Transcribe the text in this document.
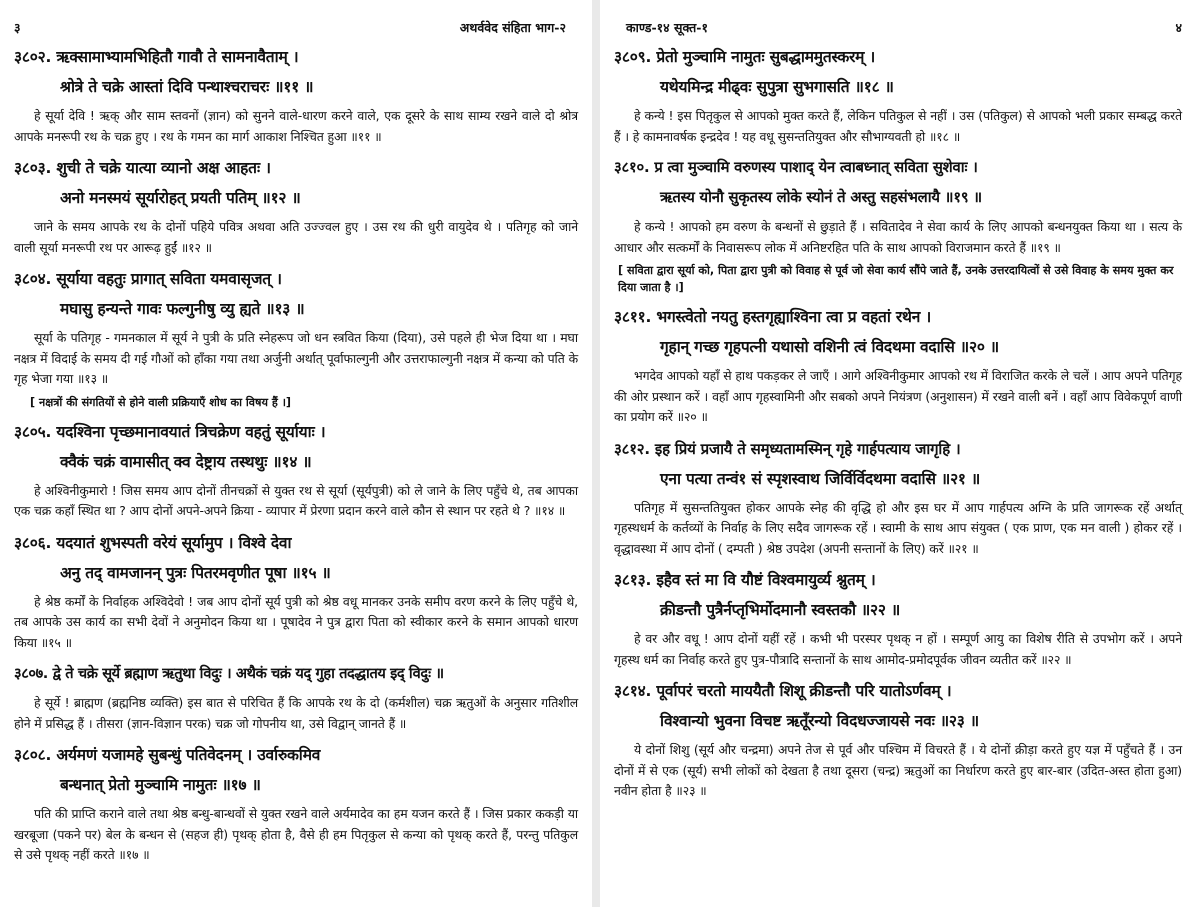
३	अथर्ववेद संहिता भाग-२

३८०२. ऋक्सामाभ्यामभिहितौ गावौ ते सामनावैताम् ।

श्रोत्रे ते चक्रे आस्तां दिवि पन्थाश्चराचरः ॥११ ॥

हे सूर्या देवि ! ऋक् और साम स्तवनों (ज्ञान) को सुनने वाले-धारण करने वाले, एक दूसरे के साथ साम्य रखने वाले दो श्रोत्र आपके मनरूपी रथ के चक्र हुए । रथ के गमन का मार्ग आकाश निश्चित हुआ ॥११ ॥

३८०३. शुची ते चक्रे यात्या व्यानो अक्ष आहतः ।

अनो मनस्मयं सूर्यारोहत् प्रयती पतिम् ॥१२ ॥

जाने के समय आपके रथ के दोनों पहिये पवित्र अथवा अति उज्ज्वल हुए । उस रथ की धुरी वायुदेव थे । पतिगृह को जाने वाली सूर्या मनरूपी रथ पर आरूढ़ हुईं ॥१२ ॥

३८०४. सूर्याया वहतुः प्रागात् सविता यमवासृजत् ।

मघासु हन्यन्ते गावः फल्गुनीषु व्यु ह्यते ॥१३ ॥

सूर्या के पतिगृह - गमनकाल में सूर्य ने पुत्री के प्रति स्नेहरूप जो धन स्त्रवित किया (दिया), उसे पहले ही भेज दिया था । मघा नक्षत्र में विदाई के समय दी गई गौओं को हाँका गया तथा अर्जुनी अर्थात् पूर्वाफाल्गुनी और उत्तराफाल्गुनी नक्षत्र में कन्या को पति के गृह भेजा गया ॥१३ ॥

[ नक्षत्रों की संगतियों से होने वाली प्रक्रियाएँ शोध का विषय हैं ।]

३८०५. यदश्विना पृच्छमानावयातं त्रिचक्रेण वहतुं सूर्यायाः ।

क्वैकं चक्रं वामासीत् क्व देष्ट्राय तस्थथुः ॥१४ ॥

हे अश्विनीकुमारो ! जिस समय आप दोनों तीनचक्रों से युक्त रथ से सूर्या (सूर्यपुत्री) को ले जाने के लिए पहुँचे थे, तब आपका एक चक्र कहाँ स्थित था ? आप दोनों अपने-अपने क्रिया - व्यापार में प्रेरणा प्रदान करने वाले कौन से स्थान पर रहते थे ? ॥१४ ॥

३८०६. यदयातं शुभस्पती वरेयं सूर्यामुप । विश्वे देवा

अनु तद् वामजानन् पुत्रः पितरमवृणीत पूषा ॥१५ ॥

हे श्रेष्ठ कर्मों के निर्वाहक अश्विदेवो ! जब आप दोनों सूर्य पुत्री को श्रेष्ठ वधू मानकर उनके समीप वरण करने के लिए पहुँचे थे, तब आपके उस कार्य का सभी देवों ने अनुमोदन किया था । पूषादेव ने पुत्र द्वारा पिता को स्वीकार करने के समान आपको धारण किया ॥१५ ॥

३८०७. द्वे ते चक्रे सूर्ये ब्रह्माण ऋतुथा विदुः । अथैकं चक्रं यद् गुहा तदद्धातय इद् विदुः ॥

हे सूर्ये ! ब्राह्मण (ब्रह्मनिष्ठ व्यक्ति) इस बात से परिचित हैं कि आपके रथ के दो (कर्मशील) चक्र ऋतुओं के अनुसार गतिशील होने में प्रसिद्ध हैं । तीसरा (ज्ञान-विज्ञान परक) चक्र जो गोपनीय था, उसे विद्वान् जानते हैं ॥

३८०८. अर्यमणं यजामहे सुबन्धुं पतिवेदनम् । उर्वारुकमिव

बन्धनात् प्रेतो मुञ्चामि नामुतः ॥१७ ॥

पति की प्राप्ति कराने वाले तथा श्रेष्ठ बन्धु-बान्धवों से युक्त रखने वाले अर्यमादेव का हम यजन करते हैं । जिस प्रकार ककड़ी या खरबूजा (पकने पर) बेल के बन्धन से (सहज ही) पृथक् होता है, वैसे ही हम पितृकुल से कन्या को पृथक् करते हैं, परन्तु पतिकुल से उसे पृथक् नहीं करते ॥१७ ॥

काण्ड-१४ सूक्त-१	४

३८०९. प्रेतो मुञ्चामि नामुतः सुबद्धाममुतस्करम् ।

यथेयमिन्द्र मीढ्वः सुपुत्रा सुभगासति ॥१८ ॥

हे कन्ये ! इस पितृकुल से आपको मुक्त करते हैं, लेकिन पतिकुल से नहीं । उस (पतिकुल) से आपको भली प्रकार सम्बद्ध करते हैं । हे कामनावर्षक इन्द्रदेव ! यह वधू सुसन्ततियुक्त और सौभाग्यवती हो ॥१८ ॥

३८१०. प्र त्वा मुञ्चामि वरुणस्य पाशाद् येन त्वाबध्नात् सविता सुशेवाः ।

ऋतस्य योनौ सुकृतस्य लोके स्योनं ते अस्तु सहसंभलायै ॥१९ ॥

हे कन्ये ! आपको हम वरुण के बन्धनों से छुड़ाते हैं । सवितादेव ने सेवा कार्य के लिए आपको बन्धनयुक्त किया था । सत्य के आधार और सत्कर्मों के निवासरूप लोक में अनिष्टरहित पति के साथ आपको विराजमान करते हैं ॥१९ ॥

[ सविता द्वारा सूर्या को, पिता द्वारा पुत्री को विवाह से पूर्व जो सेवा कार्य सौंपे जाते हैं, उनके उत्तरदायित्वों से उसे विवाह के समय मुक्त कर दिया जाता है ।]

३८११. भगस्त्वेतो नयतु हस्तगृह्याश्विना त्वा प्र वहतां रथेन ।

गृहान् गच्छ गृहपत्नी यथासो वशिनी त्वं विदथमा वदासि ॥२० ॥

भगदेव आपको यहाँ से हाथ पकड़कर ले जाएँ । आगे अश्विनीकुमार आपको रथ में विराजित करके ले चलें । आप अपने पतिगृह की ओर प्रस्थान करें । वहाँ आप गृहस्वामिनी और सबको अपने नियंत्रण (अनुशासन) में रखने वाली बनें । वहाँ आप विवेकपूर्ण वाणी का प्रयोग करें ॥२० ॥

३८१२. इह प्रियं प्रजायै ते समृध्यतामस्मिन् गृहे गार्हपत्याय जागृहि ।

एना पत्या तन्वं१ सं स्पृशस्वाथ जिर्विर्विदथमा वदासि ॥२१ ॥

पतिगृह में सुसन्ततियुक्त होकर आपके स्नेह की वृद्धि हो और इस घर में आप गार्हपत्य अग्नि के प्रति जागरूक रहें अर्थात् गृहस्थधर्म के कर्तव्यों के निर्वाह के लिए सदैव जागरूक रहें । स्वामी के साथ आप संयुक्त ( एक प्राण, एक मन वाली ) होकर रहें । वृद्धावस्था में आप दोनों ( दम्पती ) श्रेष्ठ उपदेश (अपनी सन्तानों के लिए) करें ॥२१ ॥

३८१३. इहैव स्तं मा वि यौष्टं विश्वमायुर्व्य श्नुतम् ।

क्रीडन्तौ पुत्रैर्नप्तृभिर्मोदमानौ स्वस्तकौ ॥२२ ॥

हे वर और वधू ! आप दोनों यहीं रहें । कभी भी परस्पर पृथक् न हों । सम्पूर्ण आयु का विशेष रीति से उपभोग करें । अपने गृहस्थ धर्म का निर्वाह करते हुए पुत्र-पौत्रादि सन्तानों के साथ आमोद-प्रमोदपूर्वक जीवन व्यतीत करें ॥२२ ॥

३८१४. पूर्वापरं चरतो माययैतौ शिशू क्रीडन्तौ परि यातोऽर्णवम् ।

विश्वान्यो भुवना विचष्ट ऋतूँरन्यो विदधज्जायसे नवः ॥२३ ॥

ये दोनों शिशु (सूर्य और चन्द्रमा) अपने तेज से पूर्व और पश्चिम में विचरते हैं । ये दोनों क्रीड़ा करते हुए यज्ञ में पहुँचते हैं । उन दोनों में से एक (सूर्य) सभी लोकों को देखता है तथा दूसरा (चन्द्र) ऋतुओं का निर्धारण करते हुए बार-बार (उदित-अस्त होता हुआ) नवीन होता है ॥२३ ॥
